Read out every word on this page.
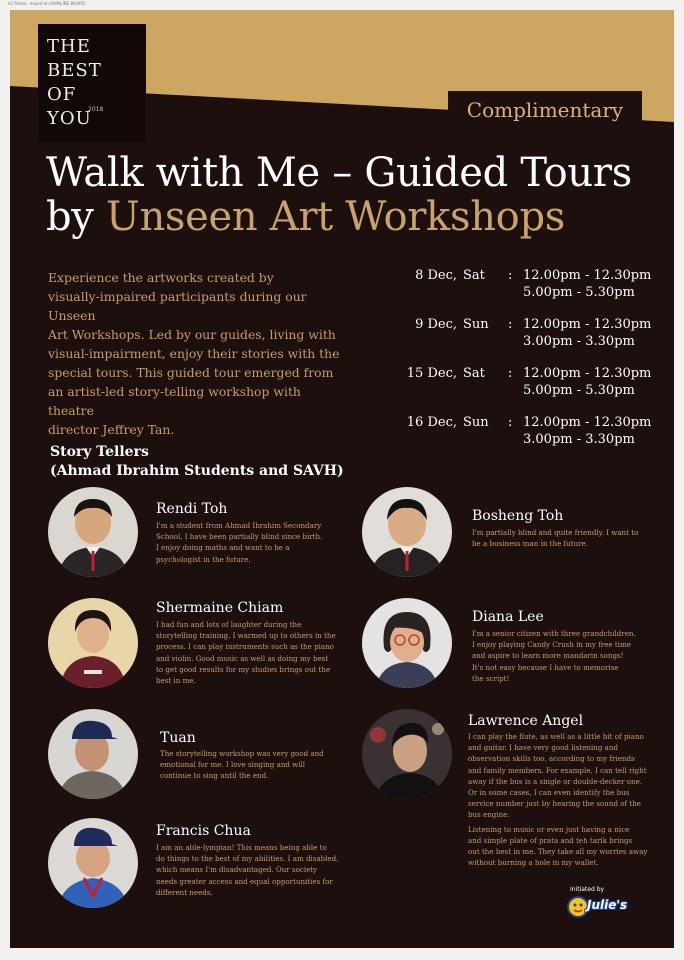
A1 Poster, mount on KAPALINE BOARD
THE
BEST
OF
2018
YOU	Complimentary
Walk with Me – Guided Tours
by Unseen Art Workshops
Experience the artworks created by
visually-impaired participants during our Unseen
Art Workshops. Led by our guides, living with
visual-impairment, enjoy their stories with the
special tours. This guided tour emerged from
an artist-led story-telling workshop with theatre
director Jeffrey Tan.
8 Dec, Sat : 12.00pm - 12.30pm
5.00pm - 5.30pm
9 Dec, Sun : 12.00pm - 12.30pm
3.00pm - 3.30pm
15 Dec, Sat : 12.00pm - 12.30pm
5.00pm - 5.30pm
16 Dec, Sun : 12.00pm - 12.30pm
3.00pm - 3.30pm
Story Tellers
(Ahmad Ibrahim Students and SAVH)
Rendi Toh
I'm a student from Ahmad Ibrahim Secondary
School. I have been partially blind since birth.
I enjoy doing maths and want to be a
psychologist in the future.
Bosheng Toh
I'm partially blind and quite friendly. I want to
be a business man in the future.
Shermaine Chiam
I had fun and lots of laughter during the
storytelling training. I warmed up to others in the
process. I can play instruments such as the piano
and violin. Good music as well as doing my best
to get good results for my studies brings out the
best in me.
Diana Lee
I'm a senior citizen with three grandchildren.
I enjoy playing Candy Crush in my free time
and aspire to learn more mandarin songs!
It's not easy because I have to memorise
the script!
Tuan
The storytelling workshop was very good and
emotional for me. I love singing and will
continue to sing until the end.
Lawrence Angel
I can play the flute, as well as a little bit of piano
and guitar. I have very good listening and
observation skills too, according to my friends
and family members. For example, I can tell right
away if the bus is a single or double-decker one.
Or in some cases, I can even identify the bus
service number just by hearing the sound of the
bus engine.
Listening to music or even just having a nice
and simple plate of prata and teh tarik brings
out the best in me. They take all my worries away
without burning a hole in my wallet.
Francis Chua
I am an able-lympian! This means being able to
do things to the best of my abilities. I am disabled,
which means I'm disadvantaged. Our society
needs greater access and equal opportunities for
different needs.	Initiated by
Julie's
